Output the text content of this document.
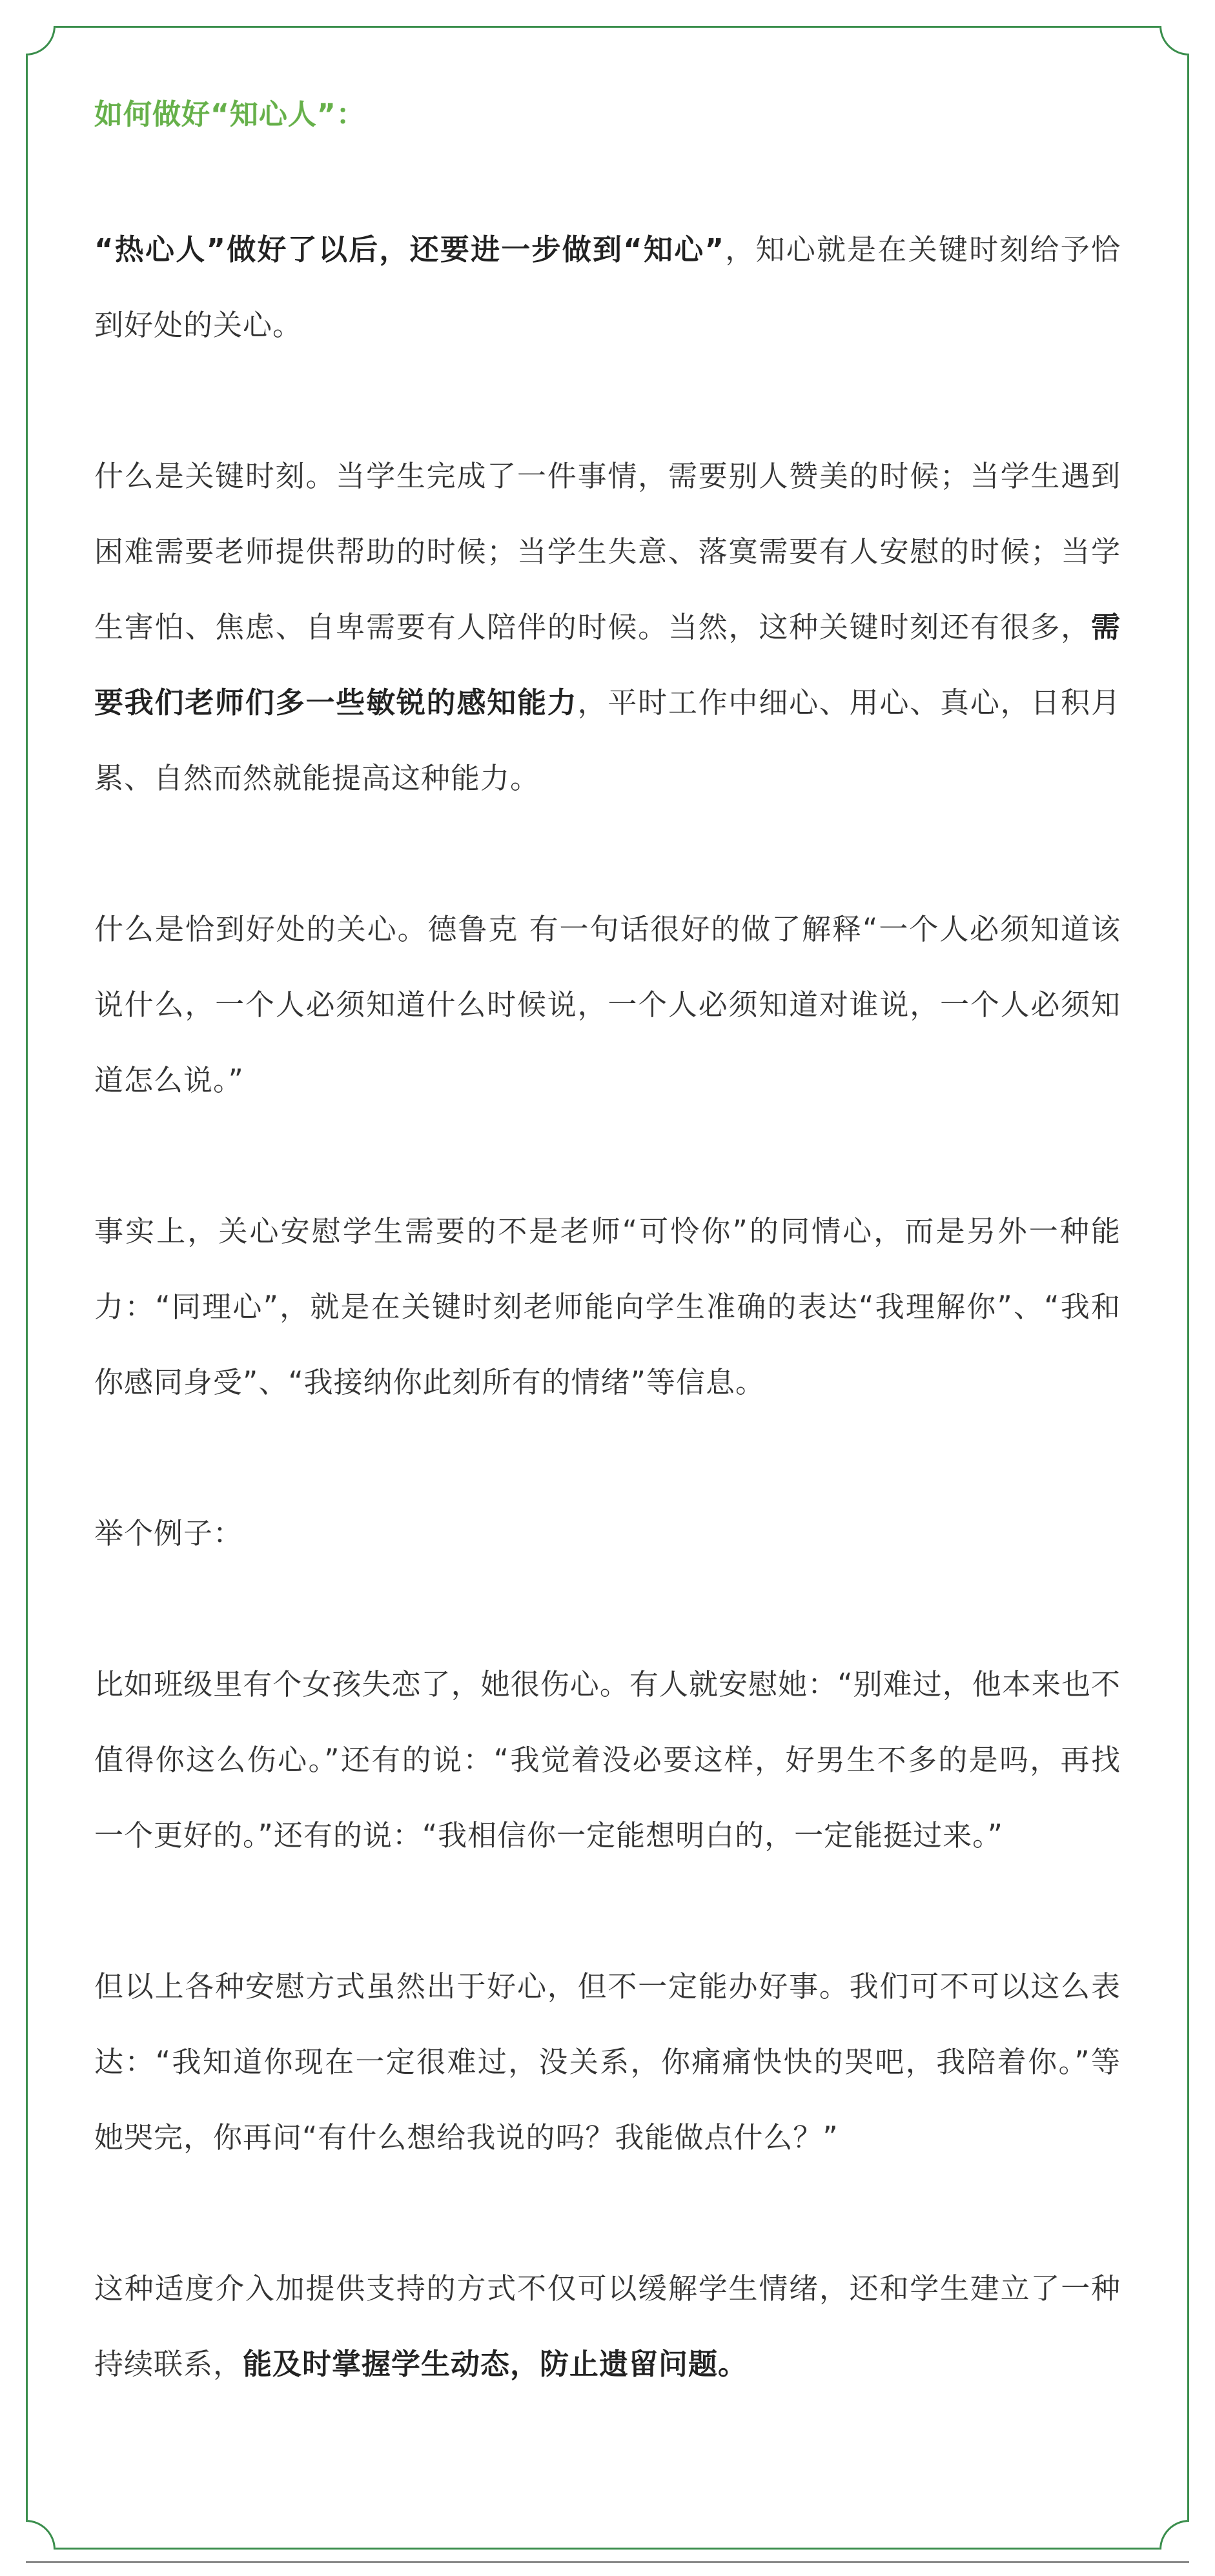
如何做好“知心人”：

“热心人”做好了以后，还要进一步做到“知心”，知心就是在关键时刻给予恰到好处的关心。

什么是关键时刻。当学生完成了一件事情，需要别人赞美的时候；当学生遇到困难需要老师提供帮助的时候；当学生失意、落寞需要有人安慰的时候；当学生害怕、焦虑、自卑需要有人陪伴的时候。当然，这种关键时刻还有很多，需要我们老师们多一些敏锐的感知能力，平时工作中细心、用心、真心，日积月累、自然而然就能提高这种能力。

什么是恰到好处的关心。德鲁克 有一句话很好的做了解释“一个人必须知道该说什么，一个人必须知道什么时候说，一个人必须知道对谁说，一个人必须知道怎么说。”

事实上，关心安慰学生需要的不是老师“可怜你”的同情心，而是另外一种能力：“同理心”，就是在关键时刻老师能向学生准确的表达“我理解你”、“我和你感同身受”、“我接纳你此刻所有的情绪”等信息。

举个例子：

比如班级里有个女孩失恋了，她很伤心。有人就安慰她：“别难过，他本来也不值得你这么伤心。”还有的说：“我觉着没必要这样，好男生不多的是吗，再找一个更好的。”还有的说：“我相信你一定能想明白的，一定能挺过来。”

但以上各种安慰方式虽然出于好心，但不一定能办好事。我们可不可以这么表达：“我知道你现在一定很难过，没关系，你痛痛快快的哭吧，我陪着你。”等她哭完，你再问“有什么想给我说的吗？我能做点什么？”

这种适度介入加提供支持的方式不仅可以缓解学生情绪，还和学生建立了一种持续联系，能及时掌握学生动态，防止遗留问题。
